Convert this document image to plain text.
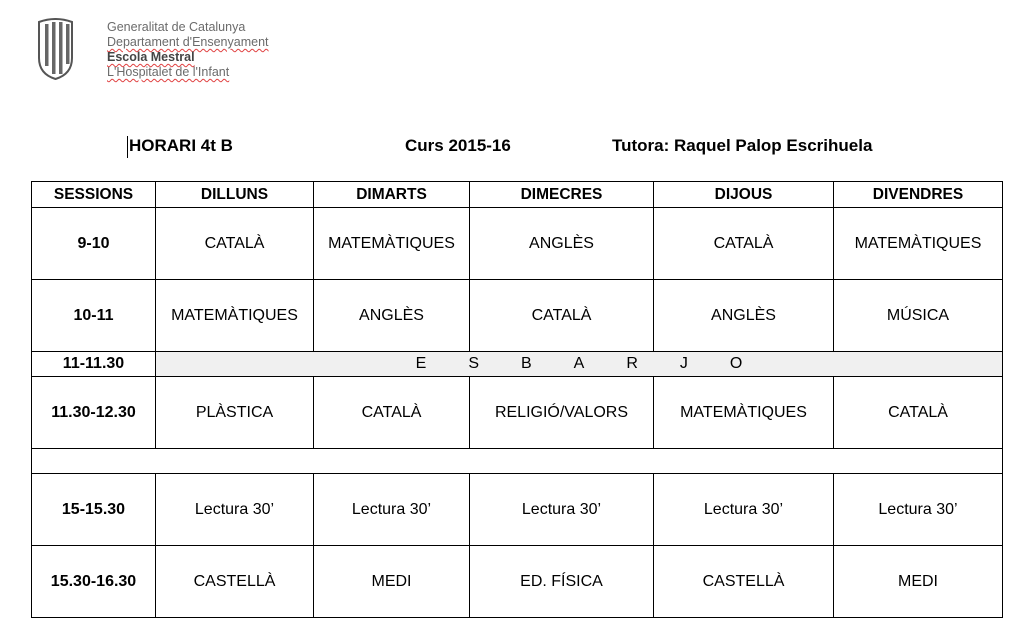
Generalitat de Catalunya
Departament d'Ensenyament
Escola Mestral
L'Hospitalet de l'Infant
HORARI 4t B	Curs 2015-16	Tutora: Raquel Palop Escrihuela
SESSIONS	DILLUNS	DIMARTS	DIMECRES	DIJOUS	DIVENDRES
9-10	CATALÀ	MATEMÀTIQUES	ANGLÈS	CATALÀ	MATEMÀTIQUES
10-11	MATEMÀTIQUES	ANGLÈS	CATALÀ	ANGLÈS	MÚSICA
11-11.30	E S B A R J O				
11.30-12.30	PLÀSTICA	CATALÀ	RELIGIÓ/VALORS	MATEMÀTIQUES	CATALÀ

15-15.30	Lectura 30’	Lectura 30’	Lectura 30’	Lectura 30’	Lectura 30’
15.30-16.30	CASTELLÀ	MEDI	ED. FÍSICA	CASTELLÀ	MEDI
